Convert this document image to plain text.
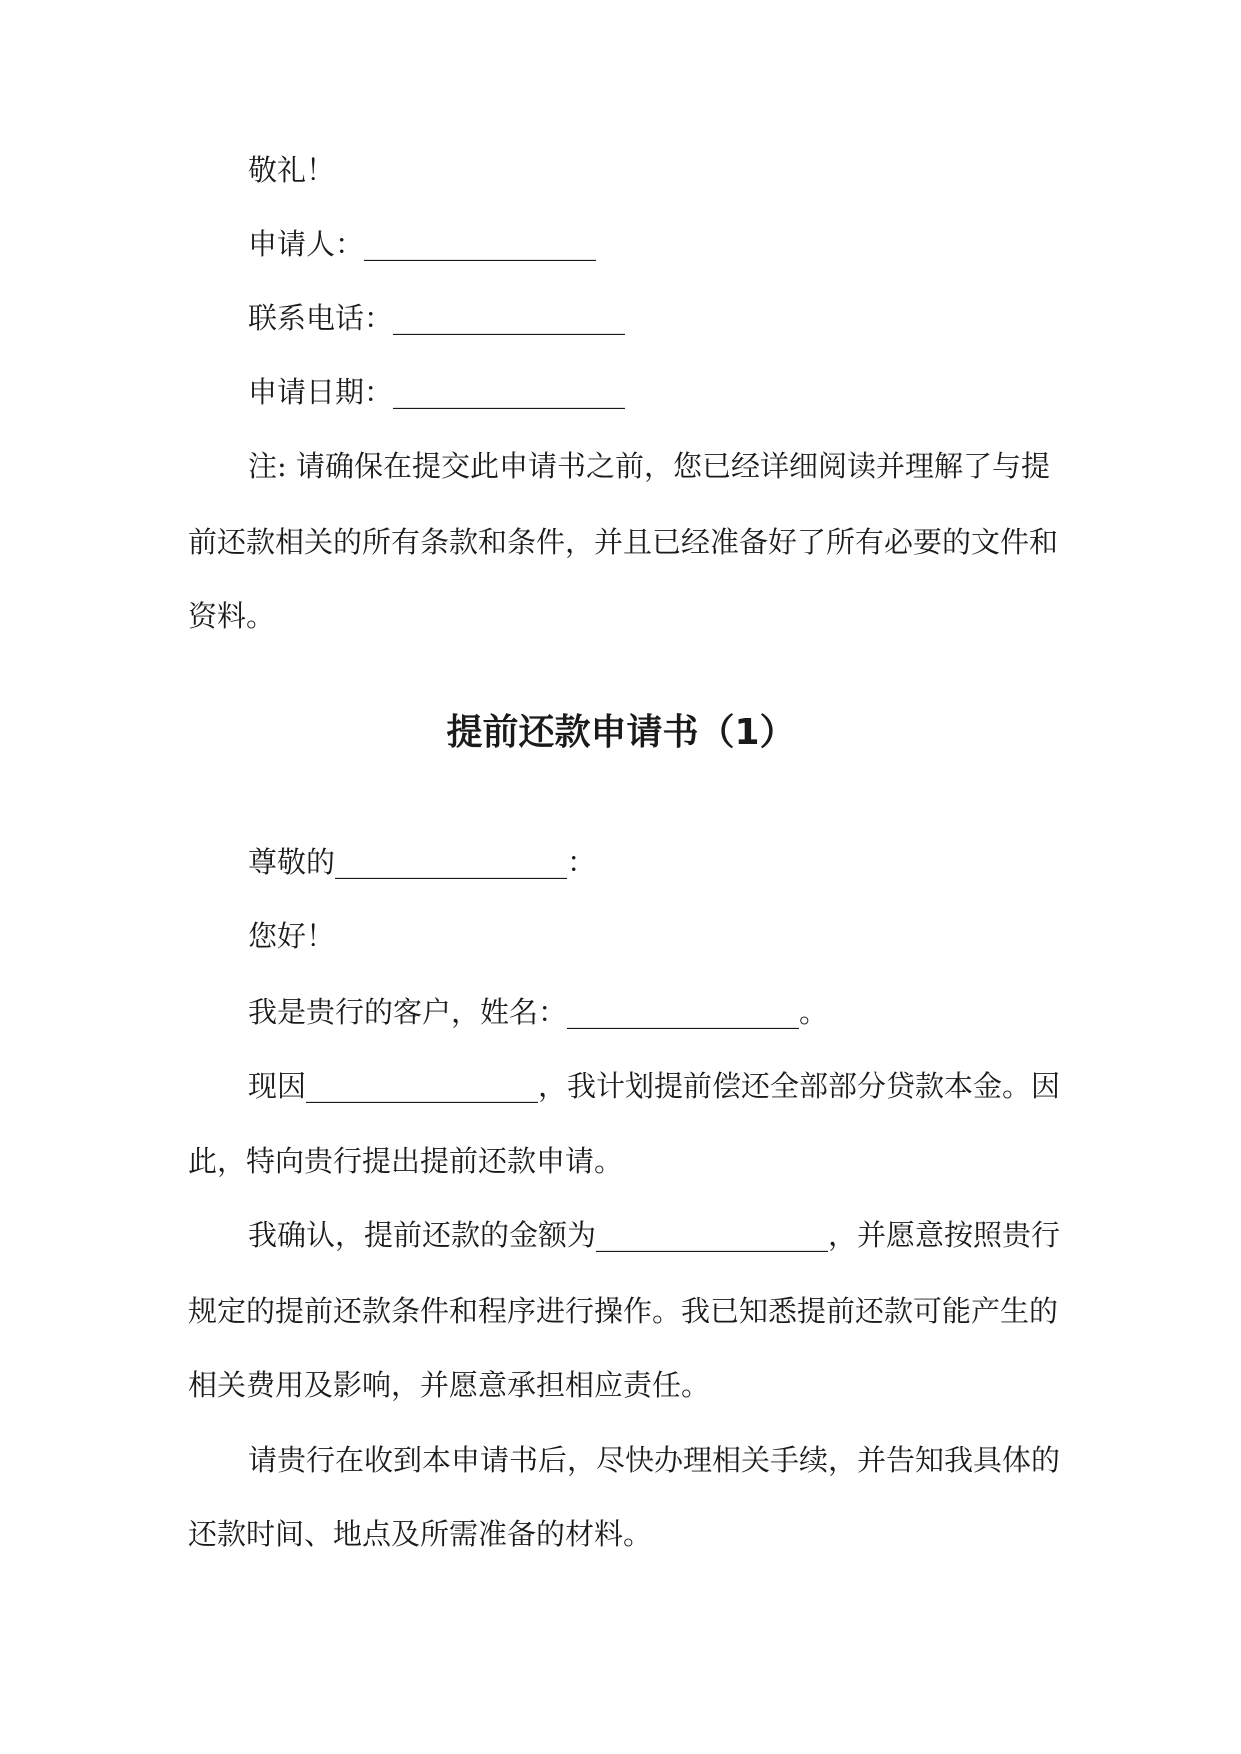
敬礼！
申请人：________________
联系电话：________________
申请日期：________________
注: 请确保在提交此申请书之前，您已经详细阅读并理解了与提
前还款相关的所有条款和条件，并且已经准备好了所有必要的文件和
资料。
提前还款申请书（1）
尊敬的________________：
您好！
我是贵行的客户，姓名：________________。
现因________________，我计划提前偿还全部部分贷款本金。因
此，特向贵行提出提前还款申请。
我确认，提前还款的金额为________________，并愿意按照贵行
规定的提前还款条件和程序进行操作。我已知悉提前还款可能产生的
相关费用及影响，并愿意承担相应责任。
请贵行在收到本申请书后，尽快办理相关手续，并告知我具体的
还款时间、地点及所需准备的材料。
